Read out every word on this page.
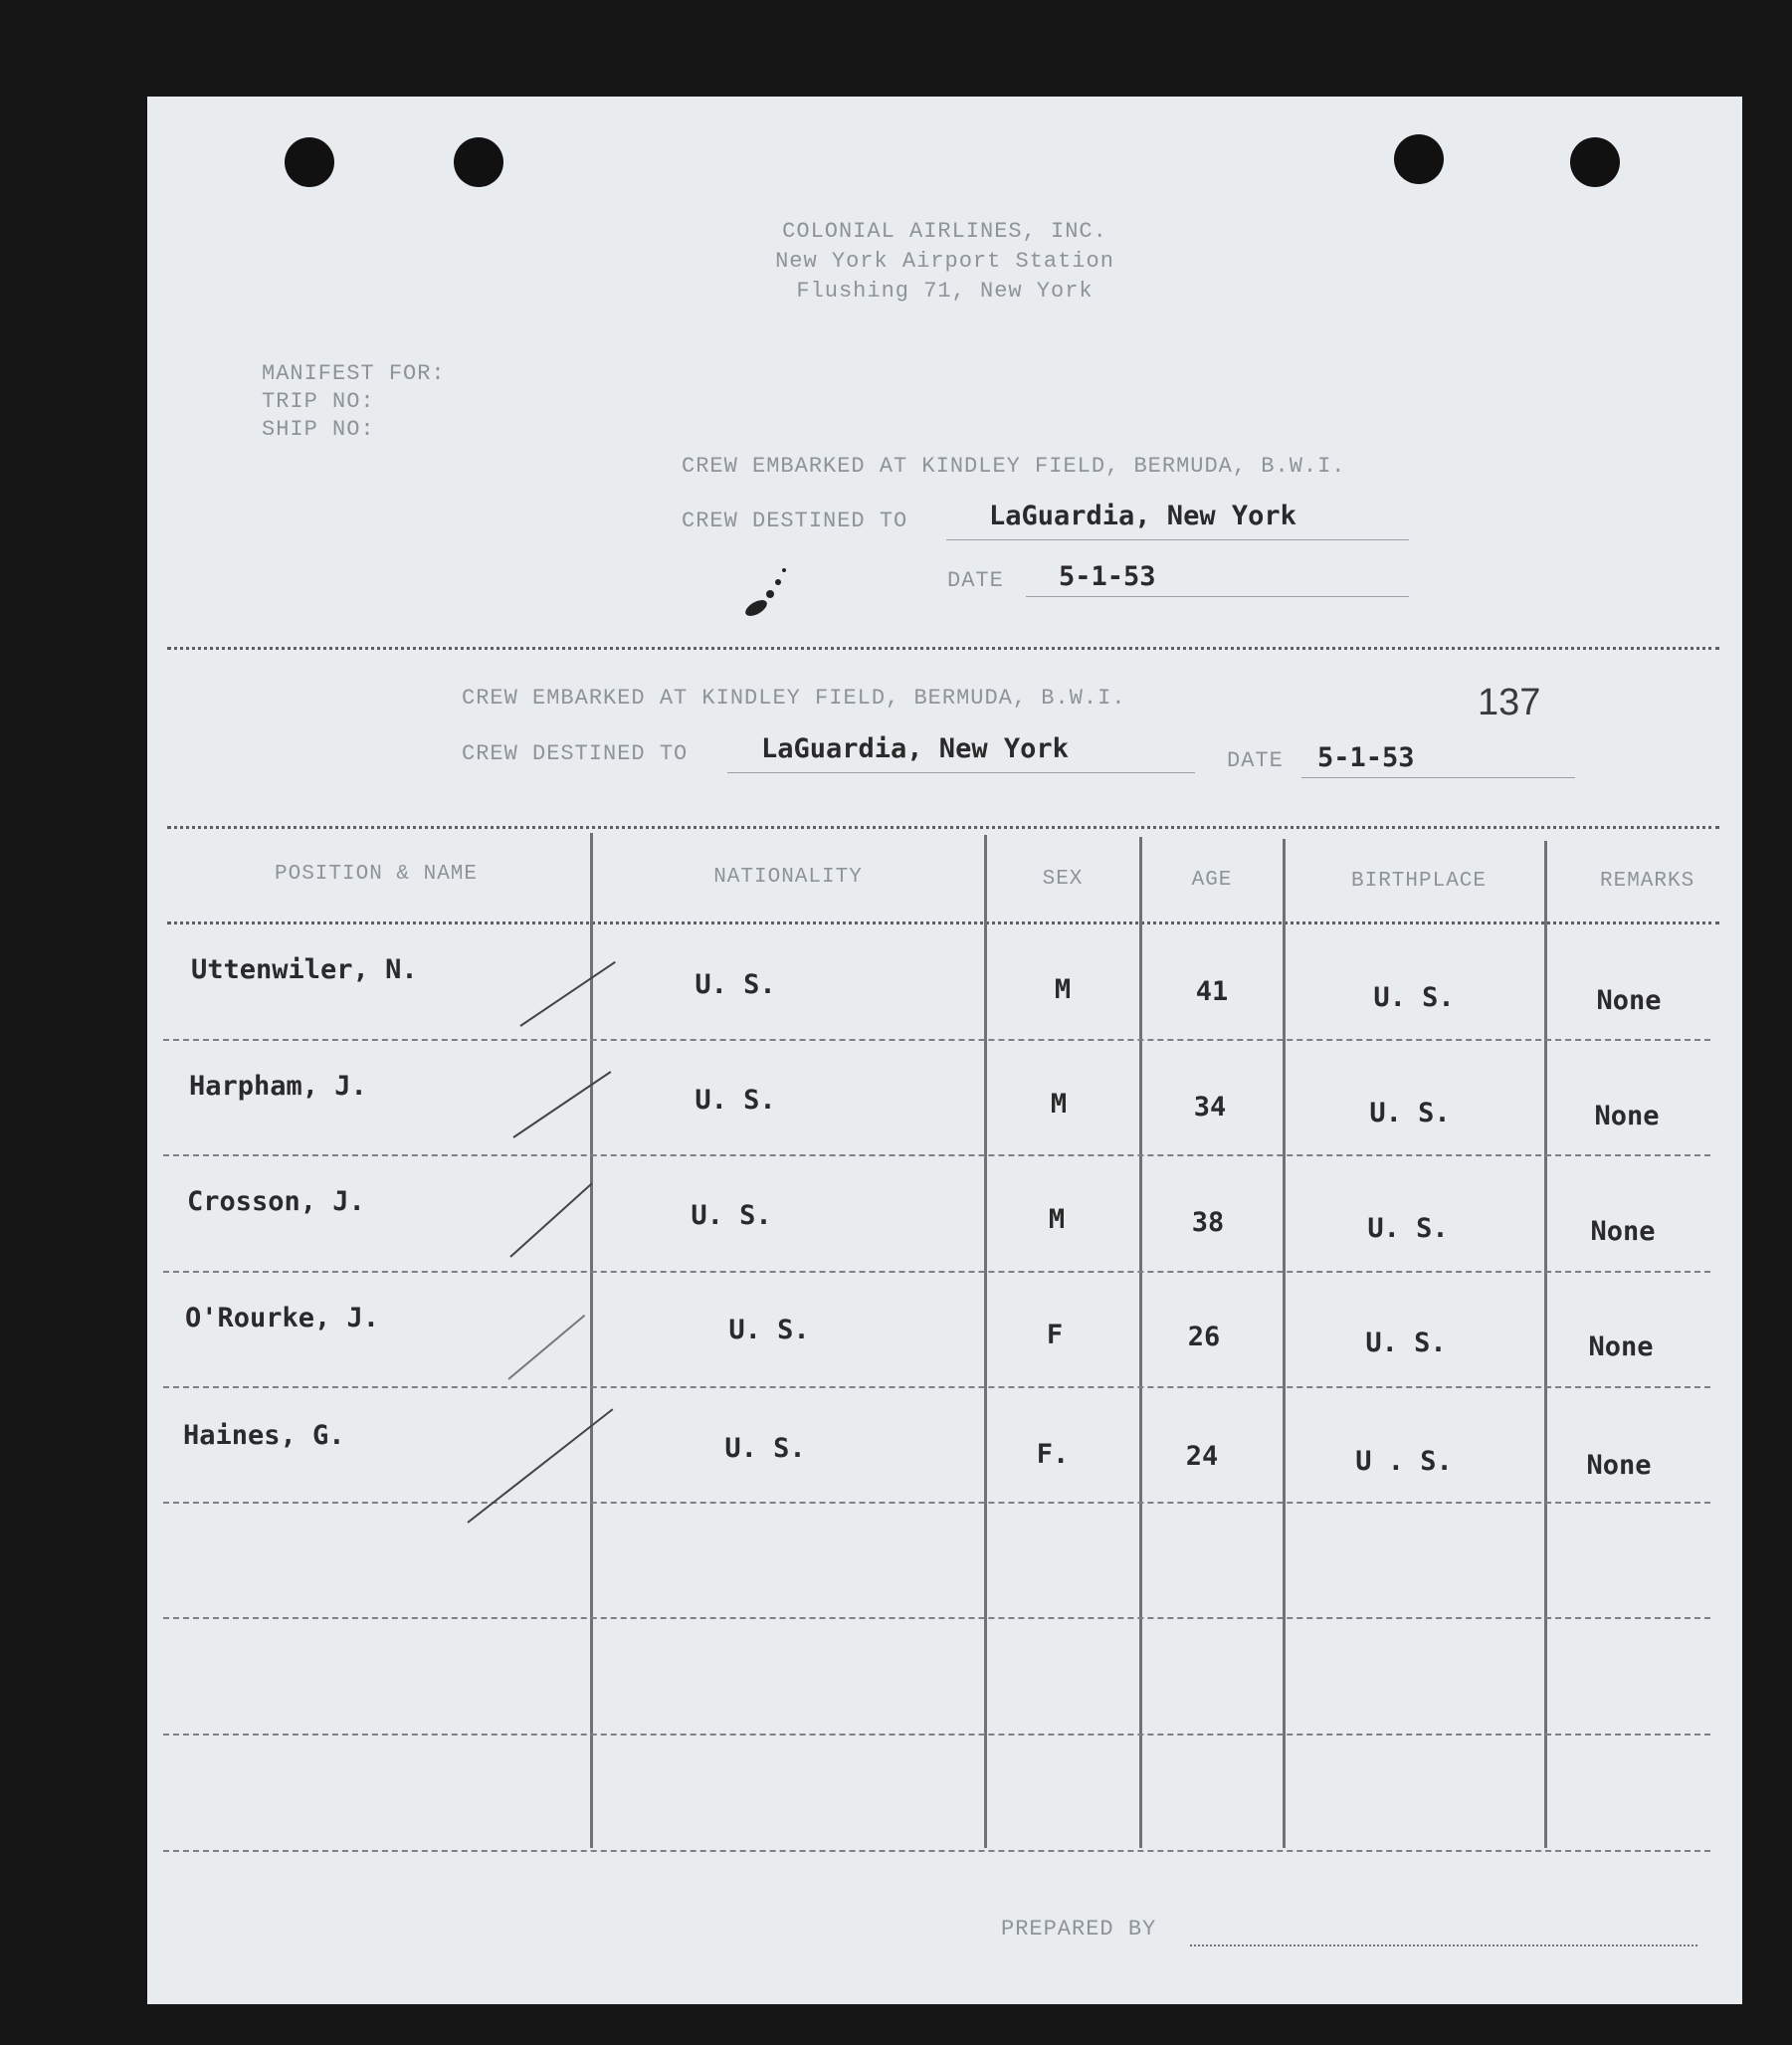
COLONIAL AIRLINES, INC.
New York Airport Station
Flushing 71, New York
MANIFEST FOR:
TRIP NO:
SHIP NO:
CREW EMBARKED AT KINDLEY FIELD, BERMUDA, B.W.I.
CREW DESTINED TO	LaGuardia, New York
DATE 5-1-53
CREW EMBARKED AT KINDLEY FIELD, BERMUDA, B.W.I.	137
CREW DESTINED TO	LaGuardia, New York	DATE 5-1-53
POSITION & NAME	NATIONALITY	SEX	AGE	BIRTHPLACE	REMARKS
Uttenwiler, N.	U. S.	M	41	U. S.	None
Harpham, J.	U. S.	M	34	U. S.	None
Crosson, J.	U. S.	M	38	U. S.	None
O'Rourke, J.	U. S.	F	26	U. S.	None
Haines, G.	U. S.	F.	24	U . S.	None
PREPARED BY
